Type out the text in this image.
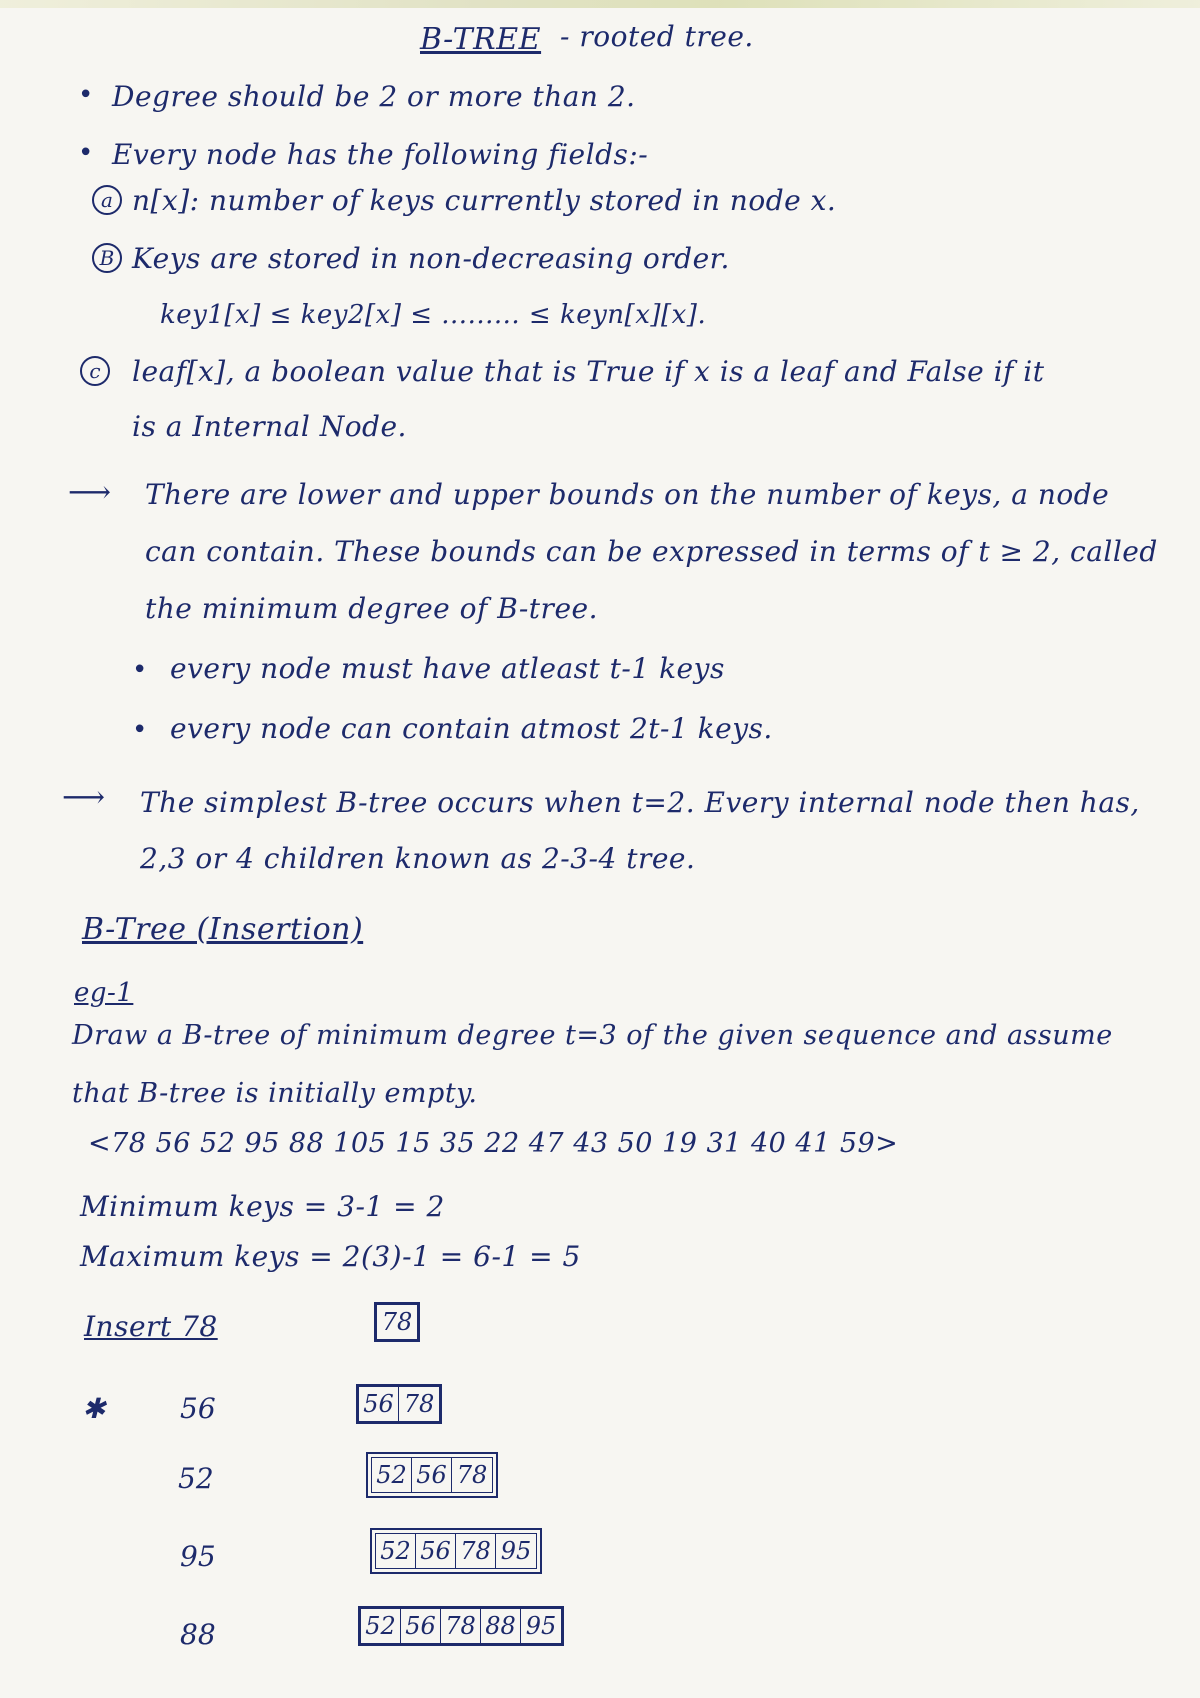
B-TREE - rooted tree.
• Degree should be 2 or more than 2.
• Every node has the following fields:-
a n[x]: number of keys currently stored in node x.
B Keys are stored in non-decreasing order.
key1[x] ≤ key2[x] ≤ ......... ≤ keyn[x][x].
c	leaf[x], a boolean value that is True if x is a leaf and False if it
is a Internal Node.
⟶ There are lower and upper bounds on the number of keys, a node
can contain. These bounds can be expressed in terms of t ≥ 2, called
the minimum degree of B-tree.
• every node must have atleast t-1 keys
• every node can contain atmost 2t-1 keys.
⟶ The simplest B-tree occurs when t=2. Every internal node then has,
2,3 or 4 children known as 2-3-4 tree.
B-Tree (Insertion)
eg-1
Draw a B-tree of minimum degree t=3 of the given sequence and assume
that B-tree is initially empty.
<78 56 52 95 88 105 15 35 22 47 43 50 19 31 40 41 59>
Minimum keys = 3-1 = 2
Maximum keys = 2(3)-1 = 6-1 = 5
Insert 78	78
✱	56	56 78
52	52 56 78
95	52 56 78 95
88	52 56 78 88 95
